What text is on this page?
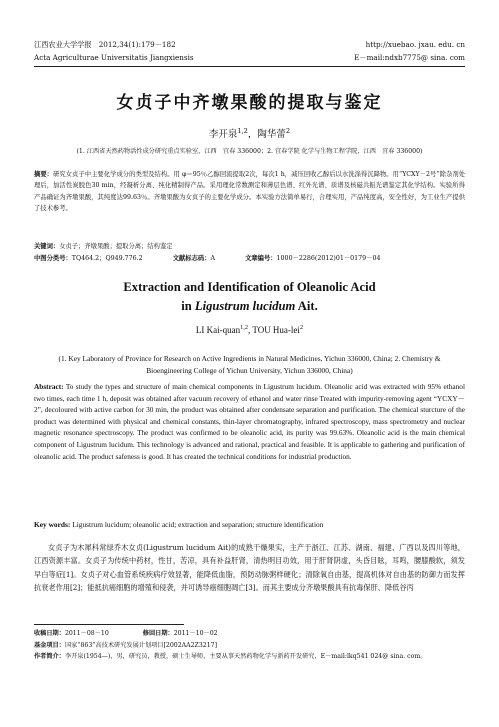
江西农业大学学报　2012,34(1):179－182
Acta Agriculturae Universitatis Jiangxiensis
http://xuebao. jxau. edu. cn
E－mail:ndxb7775@ sina. com
女贞子中齐墩果酸的提取与鉴定
李开泉$^{1,2}$，陶华蕾$^2$
(1. 江西省天然药物活性成分研究重点实验室，江西　宜春 336000；2. 宜春学院 化学与生物工程学院，江西　宜春 336000)
摘要：研究女贞子中主要化学成分的类型及结构。用 φ＝95％乙醇回流提取2次，每次1 h，减压回收乙醇后以水洗涤得沉降物。用“YCXY－2号”除杂剂处理后，加活性炭脱色30 min，经凝析分离、纯化精制得产品。采用理化常数测定和薄层色谱、红外光谱、质谱及核磁共振光谱鉴定其化学结构。实验所得产品确证为齐墩果酸，其纯度达99.63％。齐墩果酸为女贞子的主要化学成分。本实验方法简单易行，合理实用，产品纯度高，安全性好，为工业生产提供了技术参考。
关键词：女贞子；齐墩果酸；提取分离；结构鉴定
中图分类号：TQ464.2；Q949.776.2	文献标志码：A	文章编号：1000－2286(2012)01－0179－04
Extraction and Identification of Oleanolic Acid
in Ligustrum lucidum Ait.
LI Kai-quan$^{1,2}$, TOU Hua-lei$^2$
(1. Key Laboratory of Province for Research on Active Ingredients in Natural Medicines, Yichun 336000, China; 2. Chemistry & Bioengineering College of Yichun University, Yichun 336000, China)
Abstract: To study the types and structure of main chemical components in Ligustrum lucidum. Oleanolic acid was extracted with 95% ethanol two times, each time 1 h, deposit was obtained after vacuum recovery of ethanol and water rinse Treated with impurity-removing agent “YCXY－2”, decoloured with active carbon for 30 min, the product was obtained after condensate separation and purification. The chemical sturcture of the product was determined with physical and chemical constants, thin-layer chromatography, infrared spectroscopy, mass spectrometry and nuclear magnetic resonance spectroscopy. The product was confirmed to be oleanolic acid, its purity was 99.63%. Oleanolic acid is the main chemical component of Ligustrum lucidum. This technology is advanced and rational, practical and feasible. It is applicable to gathering and purification of oleanolic acid. The product safeness is good. It has created the technical conditions for industrial production.
Key words: Ligustrum lucidum; oleanolic acid; extraction and separation; structure identification
女贞子为木犀科常绿乔木女贞(Ligustrum lucidum Ait)的成熟干燥果实，主产于浙江、江苏、湖南、福建、广西以及四川等地，江西资源丰富。女贞子为传统中药材，性甘，苦凉，具有补益肝肾，清热明目功效，用于肝肾阴虚，头昏目眩，耳鸣，腰膝酸软，须发早白等症[1]。女贞子对心血管系统疾病疗效显著，能降低血脂，预防动脉粥样硬化；清除氧自由基，提高机体对自由基的防御力而发挥抗衰老作用[2]；能抵抗癌细胞的增殖和侵袭，并可诱导癌细胞凋亡[3]。而其主要成分齐墩果酸具有抗毒保肝、降低谷丙
收稿日期：2011－08－10	修回日期：2011－10－02
基金项目：国家“863”高技术研究发展计划项目[2002AA2Z3217]
作者简介：李开泉(1954—)，男，研究员，教授，硕士生导师，主要从事天然药物化学与新药开发研究，E－mail:lkq541 024@ sina. com。
